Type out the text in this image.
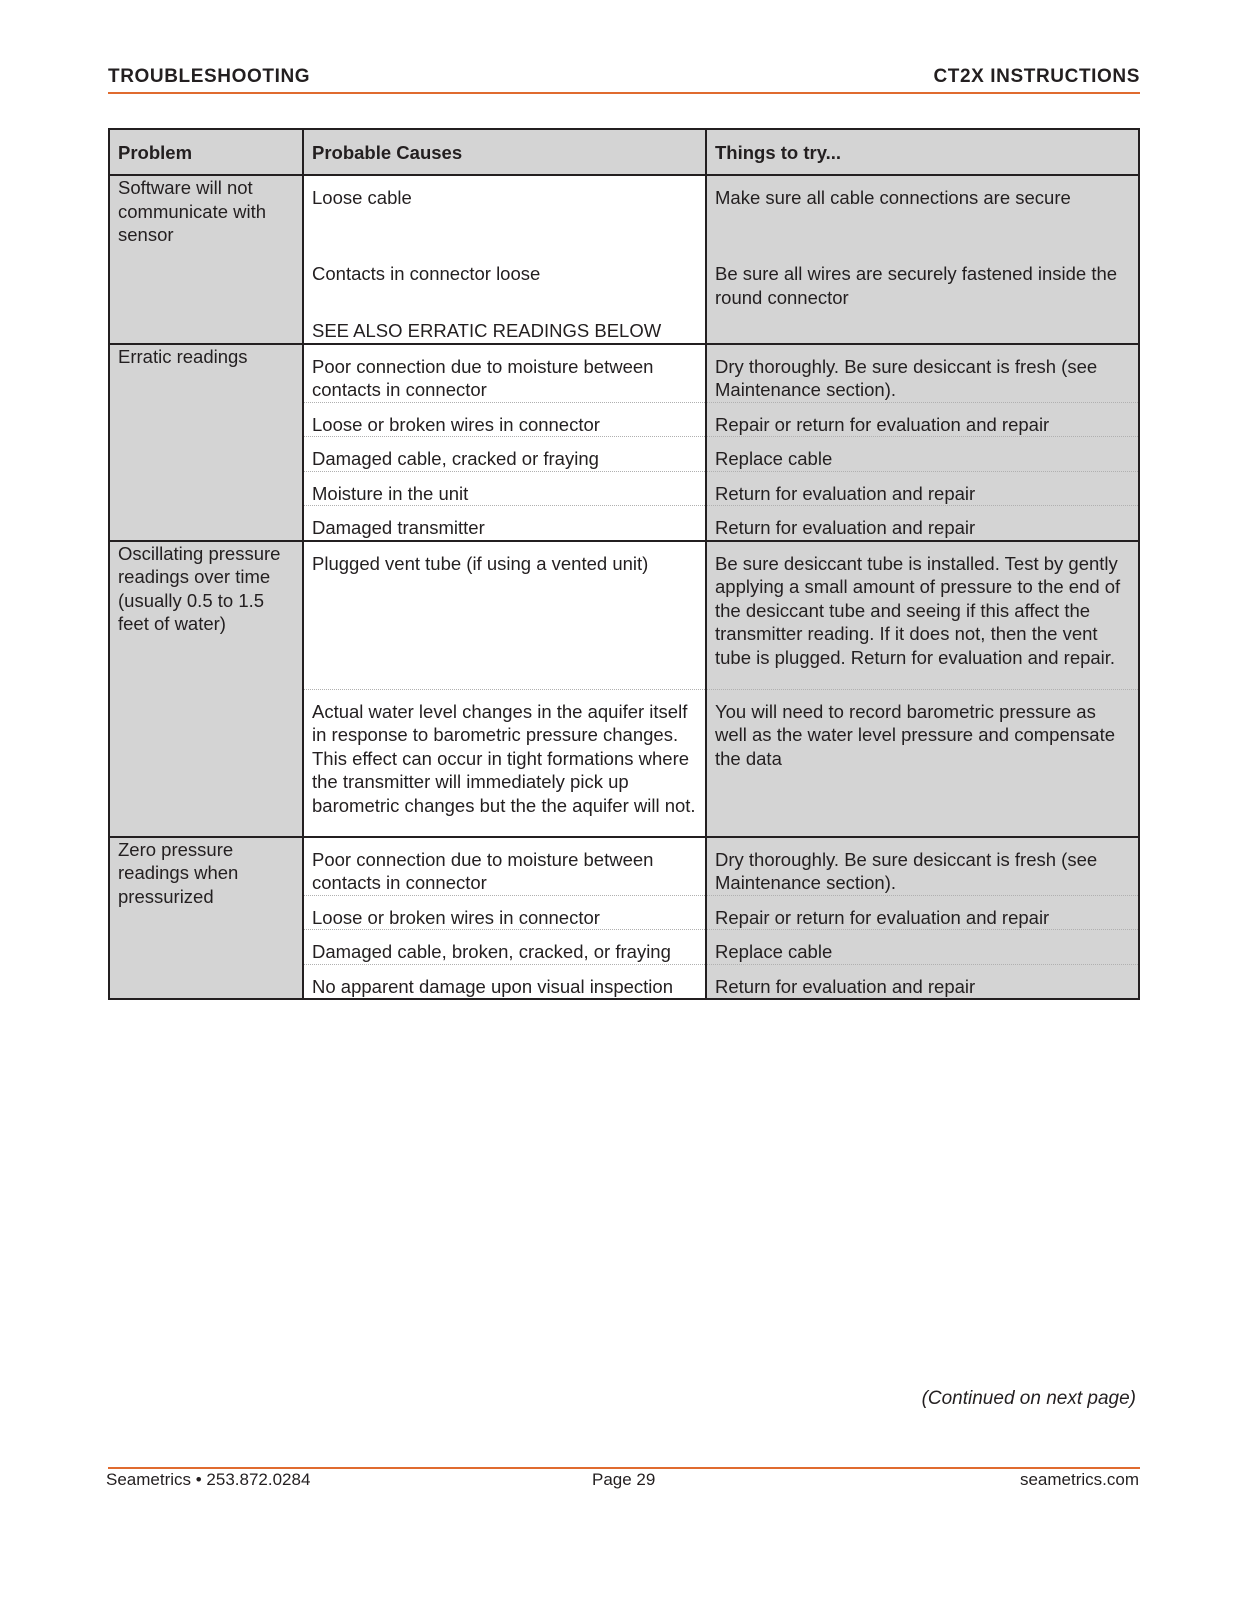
TROUBLESHOOTING	CT2X INSTRUCTIONS
Problem	Probable Causes	Things to try...
Software will not communicate with sensor	Loose cable	Make sure all cable connections are secure

	Contacts in connector loose	Be sure all wires are securely fastened inside the round connector

	SEE ALSO ERRATIC READINGS BELOW	

Erratic readings	Poor connection due to moisture between contacts in connector	Dry thoroughly. Be sure desiccant is fresh (see Maintenance section).

	Loose or broken wires in connector	Repair or return for evaluation and repair

	Damaged cable, cracked or fraying	Replace cable

	Moisture in the unit	Return for evaluation and repair

	Damaged transmitter	Return for evaluation and repair

Oscillating pressure readings over time (usually 0.5 to 1.5 feet of water)	Plugged vent tube (if using a vented unit)	Be sure desiccant tube is installed. Test by gently applying a small amount of pressure to the end of the desiccant tube and seeing if this affect the transmitter reading. If it does not, then the vent tube is plugged. Return for evaluation and repair.

	Actual water level changes in the aquifer itself in response to barometric pressure changes. This effect can occur in tight formations where the transmitter will immediately pick up barometric changes but the the aquifer will not.	You will need to record barometric pressure as well as the water level pressure and compensate the data

Zero pressure readings when pressurized	Poor connection due to moisture between contacts in connector	Dry thoroughly. Be sure desiccant is fresh (see Maintenance section).

	Loose or broken wires in connector	Repair or return for evaluation and repair

	Damaged cable, broken, cracked, or fraying	Replace cable

	No apparent damage upon visual inspection	Return for evaluation and repair
(Continued on next page)
Seametrics • 253.872.0284	Page 29	seametrics.com
